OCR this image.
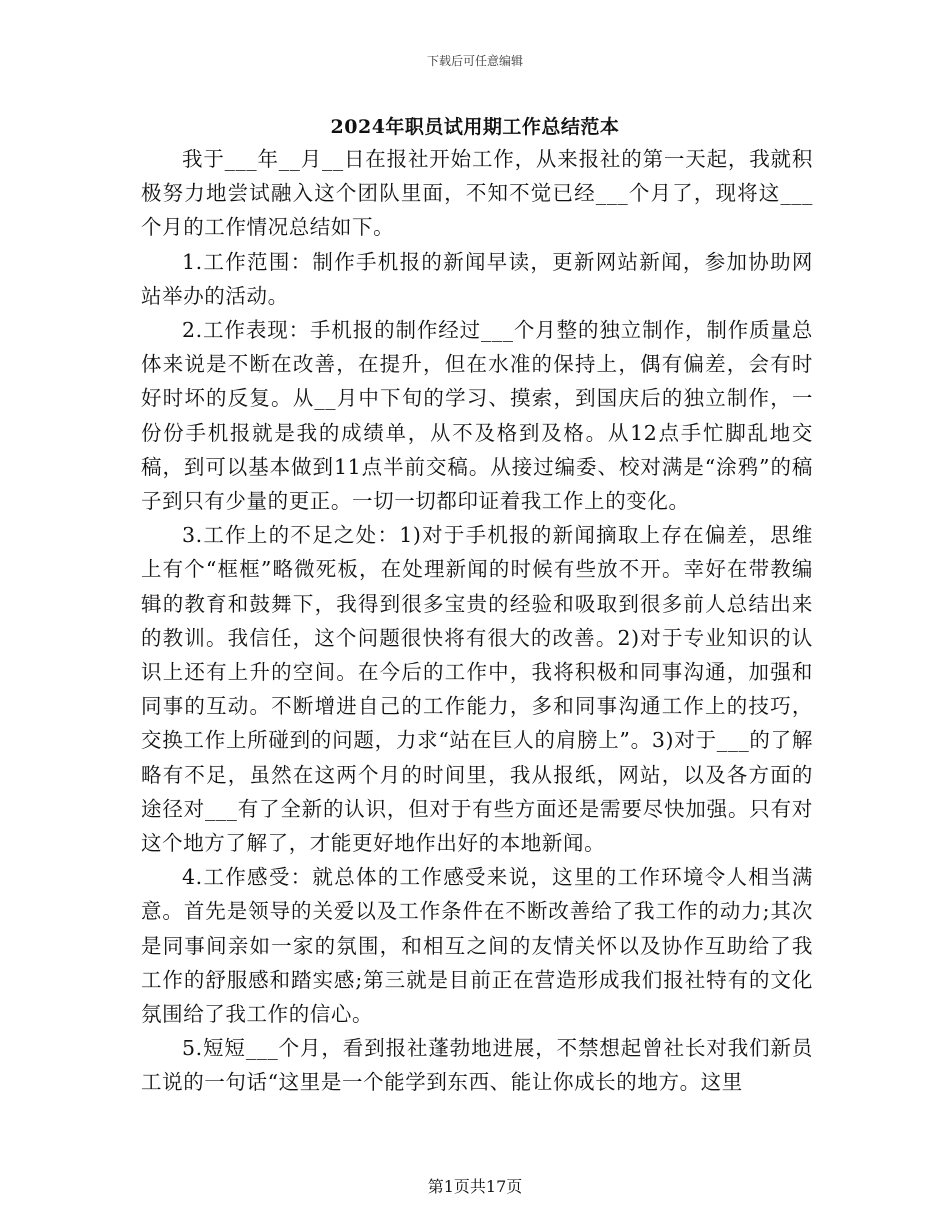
下载后可任意编辑
2024年职员试用期工作总结范本

我于___年__月__日在报社开始工作，从来报社的第一天起，我就积极努力地尝试融入这个团队里面，不知不觉已经___个月了，现将这___个月的工作情况总结如下。

1.工作范围：制作手机报的新闻早读，更新网站新闻，参加协助网站举办的活动。

2.工作表现：手机报的制作经过___个月整的独立制作，制作质量总体来说是不断在改善，在提升，但在水准的保持上，偶有偏差，会有时好时坏的反复。从__月中下旬的学习、摸索，到国庆后的独立制作，一份份手机报就是我的成绩单，从不及格到及格。从12点手忙脚乱地交稿，到可以基本做到11点半前交稿。从接过编委、校对满是“涂鸦”的稿子到只有少量的更正。一切一切都印证着我工作上的变化。

3.工作上的不足之处：1)对于手机报的新闻摘取上存在偏差，思维上有个“框框”略微死板，在处理新闻的时候有些放不开。幸好在带教编辑的教育和鼓舞下，我得到很多宝贵的经验和吸取到很多前人总结出来的教训。我信任，这个问题很快将有很大的改善。2)对于专业知识的认识上还有上升的空间。在今后的工作中，我将积极和同事沟通，加强和同事的互动。不断增进自己的工作能力，多和同事沟通工作上的技巧，交换工作上所碰到的问题，力求“站在巨人的肩膀上”。3)对于___的了解略有不足，虽然在这两个月的时间里，我从报纸，网站，以及各方面的途径对___有了全新的认识，但对于有些方面还是需要尽快加强。只有对这个地方了解了，才能更好地作出好的本地新闻。

4.工作感受：就总体的工作感受来说，这里的工作环境令人相当满意。首先是领导的关爱以及工作条件在不断改善给了我工作的动力;其次是同事间亲如一家的氛围，和相互之间的友情关怀以及协作互助给了我工作的舒服感和踏实感;第三就是目前正在营造形成我们报社特有的文化氛围给了我工作的信心。

5.短短___个月，看到报社蓬勃地进展，不禁想起曾社长对我们新员工说的一句话“这里是一个能学到东西、能让你成长的地方。这里

第1页共17页
